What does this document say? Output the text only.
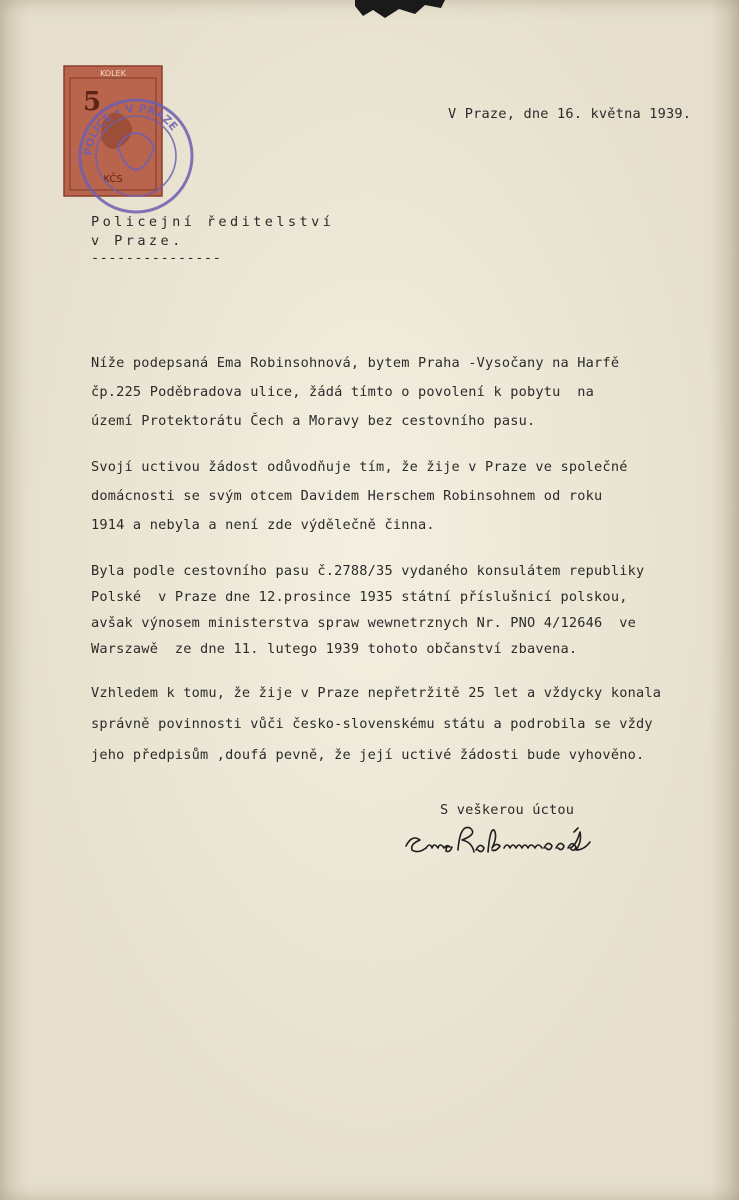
KOLEK
5
KČS
POLICE • V PRAZE
V Praze, dne 16. května 1939.
Policejní ředitelství
v Praze.
---------------
Níže podepsaná Ema Robinsohnová, bytem Praha -Vysočany na Harfě
čp.225 Poděbradova ulice, žádá tímto o povolení k pobytu  na
území Protektorátu Čech a Moravy bez cestovního pasu.
Svojí uctivou žádost odůvodňuje tím, že žije v Praze ve společné
domácnosti se svým otcem Davidem Herschem Robinsohnem od roku
1914 a nebyla a není zde výdělečně činna.
Byla podle cestovního pasu č.2788/35 vydaného konsulátem republiky
Polské  v Praze dne 12.prosince 1935 státní příslušnicí polskou,
avšak výnosem ministerstva spraw wewnetrznych Nr. PNO 4/12646  ve
Warszawě  ze dne 11. lutego 1939 tohoto občanství zbavena.
Vzhledem k tomu, že žije v Praze nepřetržitě 25 let a vždycky konala
správně povinnosti vůči česko-slovenskému státu a podrobila se vždy
jeho předpisům ,doufá pevně, že její uctivé žádosti bude vyhověno.
S veškerou úctou
